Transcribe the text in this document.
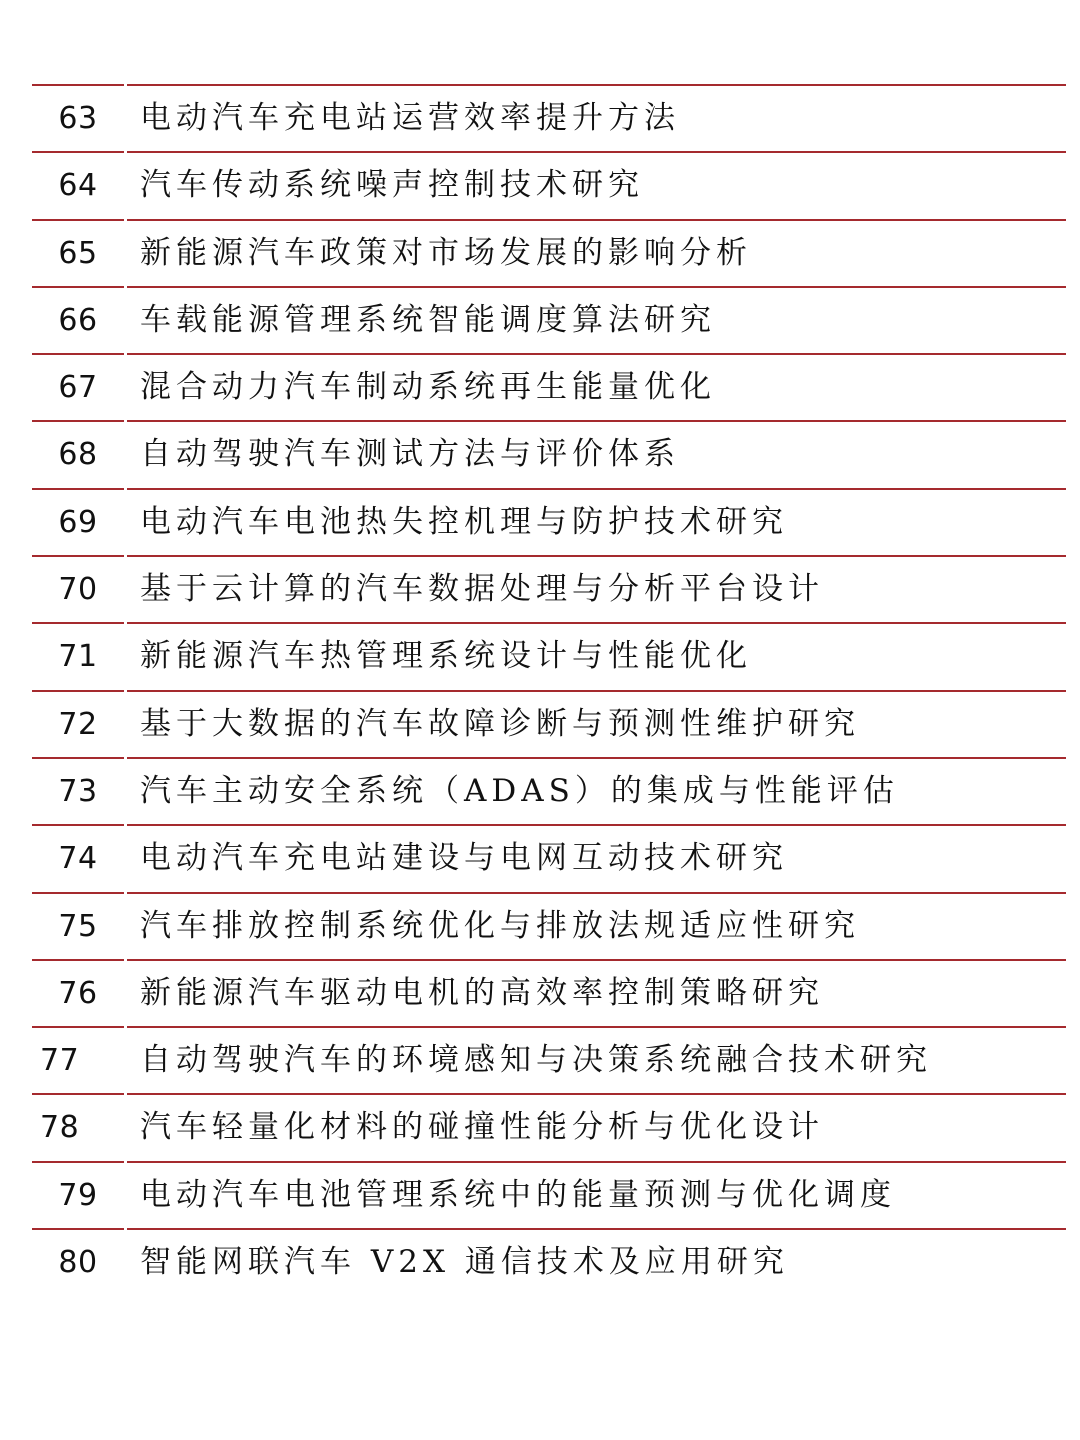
63	电动汽车充电站运营效率提升方法
64	汽车传动系统噪声控制技术研究
65	新能源汽车政策对市场发展的影响分析
66	车载能源管理系统智能调度算法研究
67	混合动力汽车制动系统再生能量优化
68	自动驾驶汽车测试方法与评价体系
69	电动汽车电池热失控机理与防护技术研究
70	基于云计算的汽车数据处理与分析平台设计
71	新能源汽车热管理系统设计与性能优化
72	基于大数据的汽车故障诊断与预测性维护研究
73	汽车主动安全系统（ADAS）的集成与性能评估
74	电动汽车充电站建设与电网互动技术研究
75	汽车排放控制系统优化与排放法规适应性研究
76	新能源汽车驱动电机的高效率控制策略研究
77	自动驾驶汽车的环境感知与决策系统融合技术研究
78	汽车轻量化材料的碰撞性能分析与优化设计
79	电动汽车电池管理系统中的能量预测与优化调度
80	智能网联汽车 V2X 通信技术及应用研究
